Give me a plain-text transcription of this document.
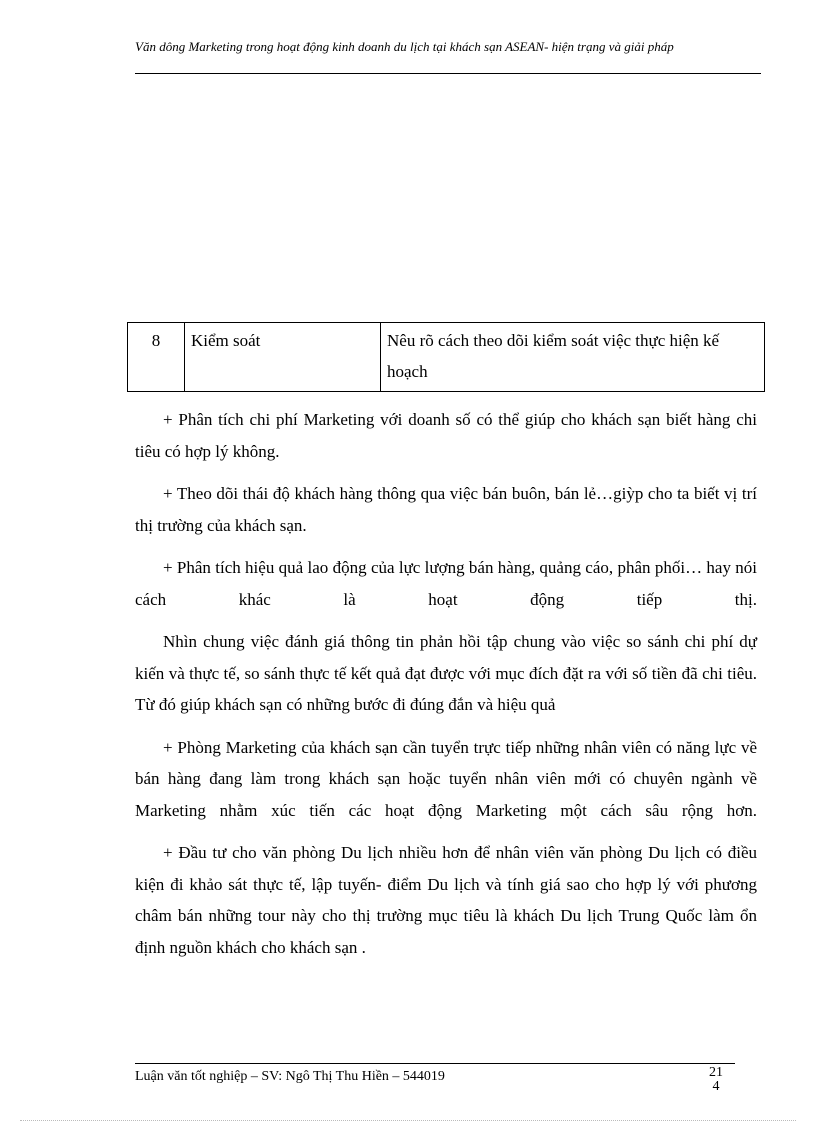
Văn dông Marketing trong hoạt động kinh doanh du lịch tại khách sạn ASEAN- hiện trạng và giải pháp
8	Kiểm soát	Nêu rõ cách theo dõi kiểm soát việc thực hiện kế hoạch

+ Phân tích chi phí Marketing với doanh số có thể giúp cho khách sạn biết hàng chi tiêu có hợp lý không.

+ Theo dõi thái độ khách hàng thông qua việc bán buôn, bán lẻ…giỳp cho ta biết vị trí thị trường của khách sạn.

+ Phân tích hiệu quả lao động của lực lượng bán hàng, quảng cáo, phân phối… hay nói cách khác là hoạt động tiếp thị.

Nhìn chung việc đánh giá thông tin phản hồi tập chung vào việc so sánh chi phí dự kiến và thực tế, so sánh thực tế kết quả đạt được với mục đích đặt ra với số tiền đã chi tiêu. Từ đó giúp khách sạn có những bước đi đúng đắn và hiệu quả

+ Phòng Marketing của khách sạn cần tuyển trực tiếp những nhân viên có năng lực về bán hàng đang làm trong khách sạn hoặc tuyển nhân viên mới có chuyên ngành về Marketing nhằm xúc tiến các hoạt động Marketing một cách sâu rộng hơn.

+ Đầu tư cho văn phòng Du lịch nhiều hơn để nhân viên văn phòng Du lịch có điều kiện đi khảo sát thực tế, lập tuyến- điểm Du lịch và tính giá sao cho hợp lý với phương châm bán những tour này cho thị trường mục tiêu là khách Du lịch Trung Quốc làm ổn định nguồn khách cho khách sạn .

Luận văn tốt nghiệp – SV: Ngô Thị Thu Hiền – 544019	21
4
